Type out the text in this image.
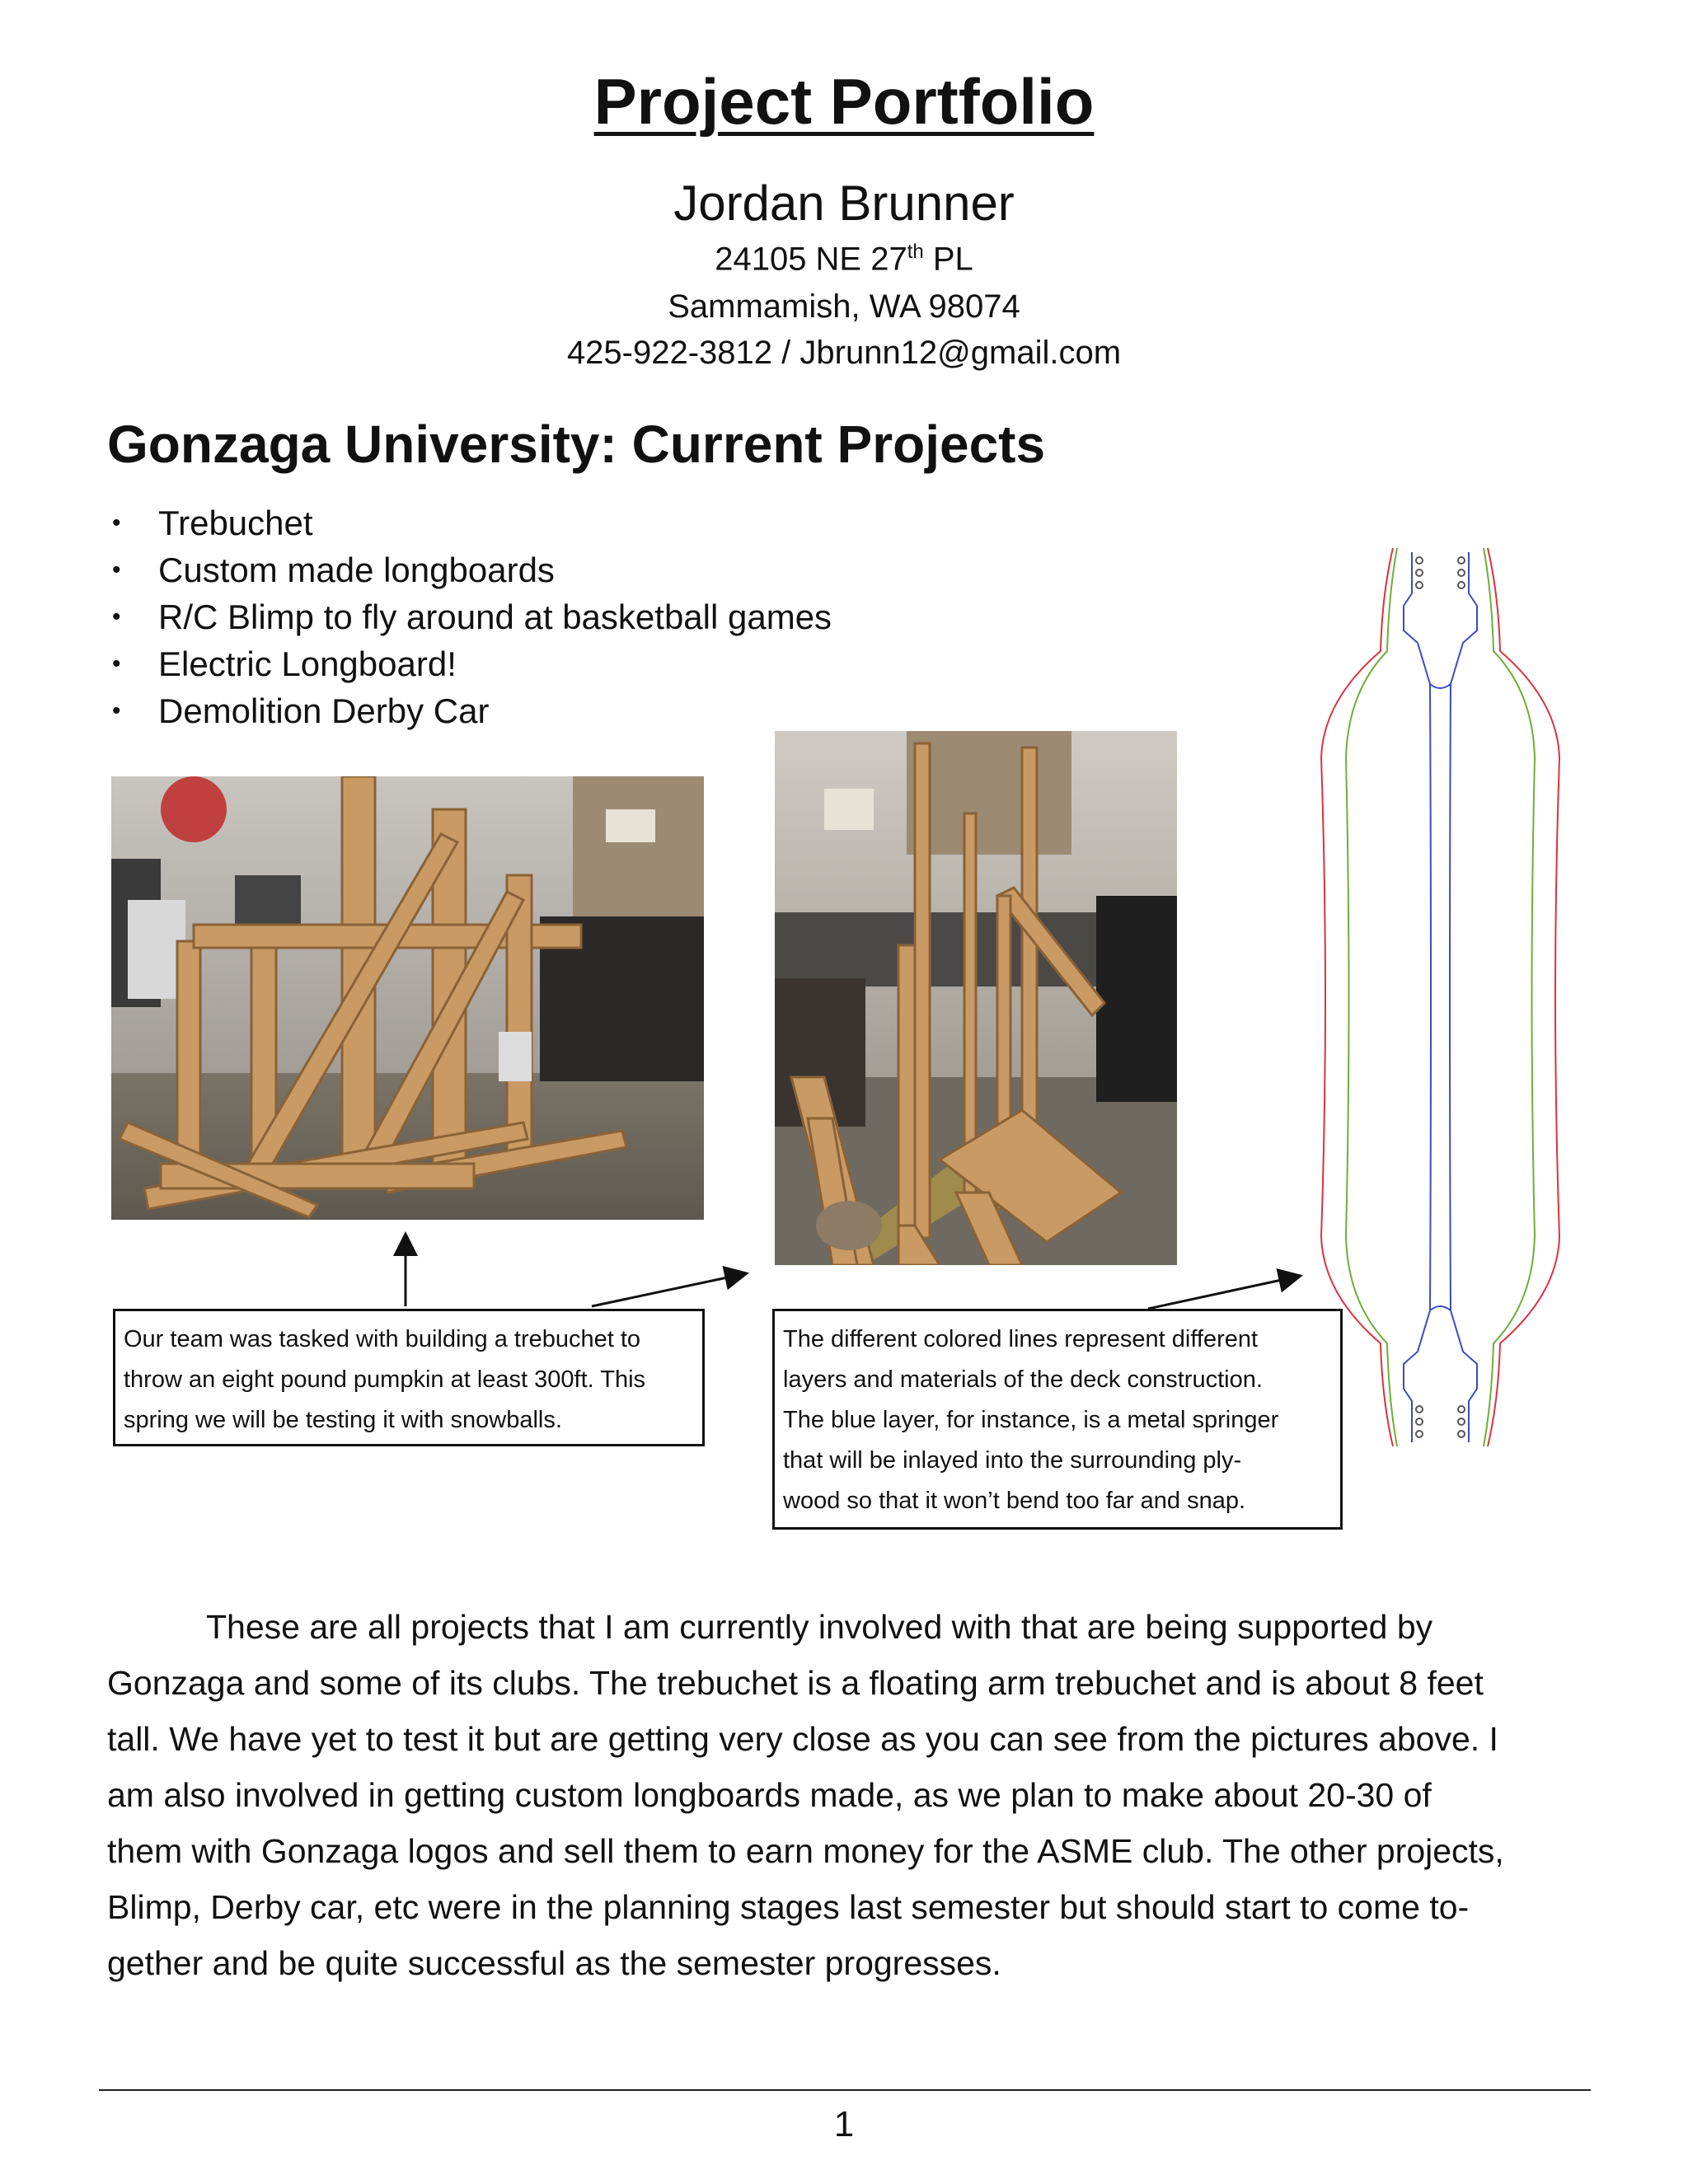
Project Portfolio
Jordan Brunner
24105 NE 27th PL
Sammamish, WA 98074
425-922-3812 / Jbrunn12@gmail.com
Gonzaga University: Current Projects
• Trebuchet
• Custom made longboards
• R/C Blimp to fly around at basketball games
• Electric Longboard!
• Demolition Derby Car
Our team was tasked with building a trebuchet to
throw an eight pound pumpkin at least 300ft. This
spring we will be testing it with snowballs.
The different colored lines represent different
layers and materials of the deck construction.
The blue layer, for instance, is a metal springer
that will be inlayed into the surrounding ply-
wood so that it won’t bend too far and snap.

These are all projects that I am currently involved with that are being supported by
Gonzaga and some of its clubs. The trebuchet is a floating arm trebuchet and is about 8 feet
tall. We have yet to test it but are getting very close as you can see from the pictures above. I
am also involved in getting custom longboards made, as we plan to make about 20-30 of
them with Gonzaga logos and sell them to earn money for the ASME club. The other projects,
Blimp, Derby car, etc were in the planning stages last semester but should start to come to-
gether and be quite successful as the semester progresses.

1
